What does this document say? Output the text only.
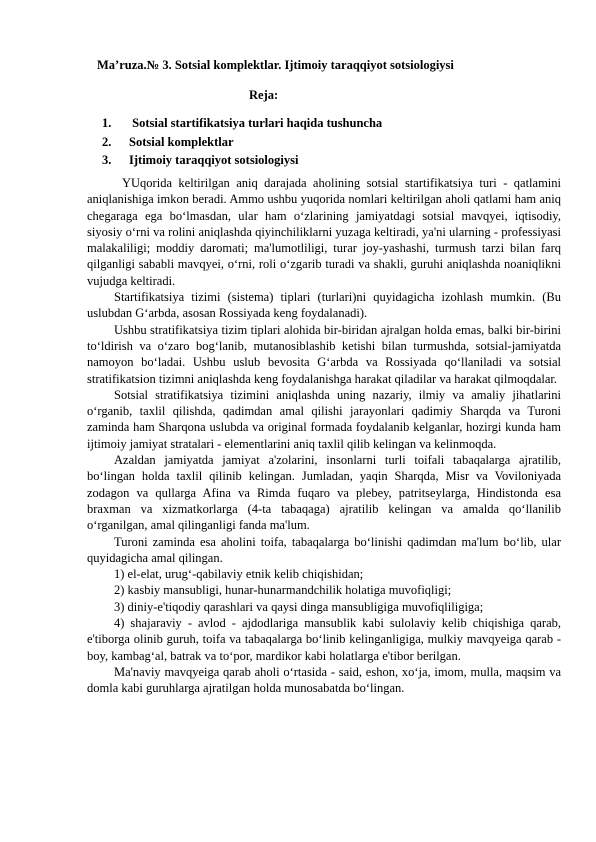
Ma’ruza.№ 3. Sotsial komplektlar. Ijtimoiy taraqqiyot sotsiologiysi
Reja:
1. Sotsial startifikatsiya turlari haqida tushuncha
2. Sotsial komplektlar
3. Ijtimoiy taraqqiyot sotsiologiysi

YUqorida keltirilgan aniq darajada aholining sotsial startifikatsiya turi - qatlamini aniqlanishiga imkon beradi. Ammo ushbu yuqorida nomlari keltirilgan aholi qatlami ham aniq chegaraga ega bo‘lmasdan, ular ham o‘zlarining jamiyatdagi sotsial mavqyei, iqtisodiy, siyosiy o‘rni va rolini aniqlashda qiyinchiliklarni yuzaga keltiradi, ya'ni ularning - professiyasi malakaliligi; moddiy daromati; ma'lumotliligi, turar joy-yashashi, turmush tarzi bilan farq qilganligi sababli mavqyei, o‘rni, roli o‘zgarib turadi va shakli, guruhi aniqlashda noaniqlikni vujudga keltiradi.

Startifikatsiya tizimi (sistema) tiplari (turlari)ni quyidagicha izohlash mumkin. (Bu uslubdan G‘arbda, asosan Rossiyada keng foydalanadi).

Ushbu stratifikatsiya tizim tiplari alohida bir-biridan ajralgan holda emas, balki bir-birini to‘ldirish va o‘zaro bog‘lanib, mutanosiblashib ketishi bilan turmushda, sotsial-jamiyatda namoyon bo‘ladai. Ushbu uslub bevosita G‘arbda va Rossiyada qo‘llaniladi va sotsial stratifikatsion tizimni aniqlashda keng foydalanishga harakat qiladilar va harakat qilmoqdalar.

Sotsial stratifikatsiya tizimini aniqlashda uning nazariy, ilmiy va amaliy jihatlarini o‘rganib, taxlil qilishda, qadimdan amal qilishi jarayonlari qadimiy Sharqda va Turoni zaminda ham Sharqona uslubda va original formada foydalanib kelganlar, hozirgi kunda ham ijtimoiy jamiyat stratalari - elementlarini aniq taxlil qilib kelingan va kelinmoqda.

Azaldan jamiyatda jamiyat a'zolarini, insonlarni turli toifali tabaqalarga ajratilib, bo‘lingan holda taxlil qilinib kelingan. Jumladan, yaqin Sharqda, Misr va Voviloniyada zodagon va qullarga Afina va Rimda fuqaro va plebey, patritseylarga, Hindistonda esa braxman va xizmatkorlarga (4-ta tabaqaga) ajratilib kelingan va amalda qo‘llanilib o‘rganilgan, amal qilinganligi fanda ma'lum.

Turoni zaminda esa aholini toifa, tabaqalarga bo‘linishi qadimdan ma'lum bo‘lib, ular quyidagicha amal qilingan.

1) el-elat, urug‘-qabilaviy etnik kelib chiqishidan;

2) kasbiy mansubligi, hunar-hunarmandchilik holatiga muvofiqligi;

3) diniy-e'tiqodiy qarashlari va qaysi dinga mansubligiga muvofiqliligiga;

4) shajaraviy - avlod - ajdodlariga mansublik kabi sulolaviy kelib chiqishiga qarab, e'tiborga olinib guruh, toifa va tabaqalarga bo‘linib kelinganligiga, mulkiy mavqyeiga qarab - boy, kambag‘al, batrak va to‘por, mardikor kabi holatlarga e'tibor berilgan.

Ma'naviy mavqyeiga qarab aholi o‘rtasida - said, eshon, xo‘ja, imom, mulla, maqsim va domla kabi guruhlarga ajratilgan holda munosabatda bo‘lingan.
